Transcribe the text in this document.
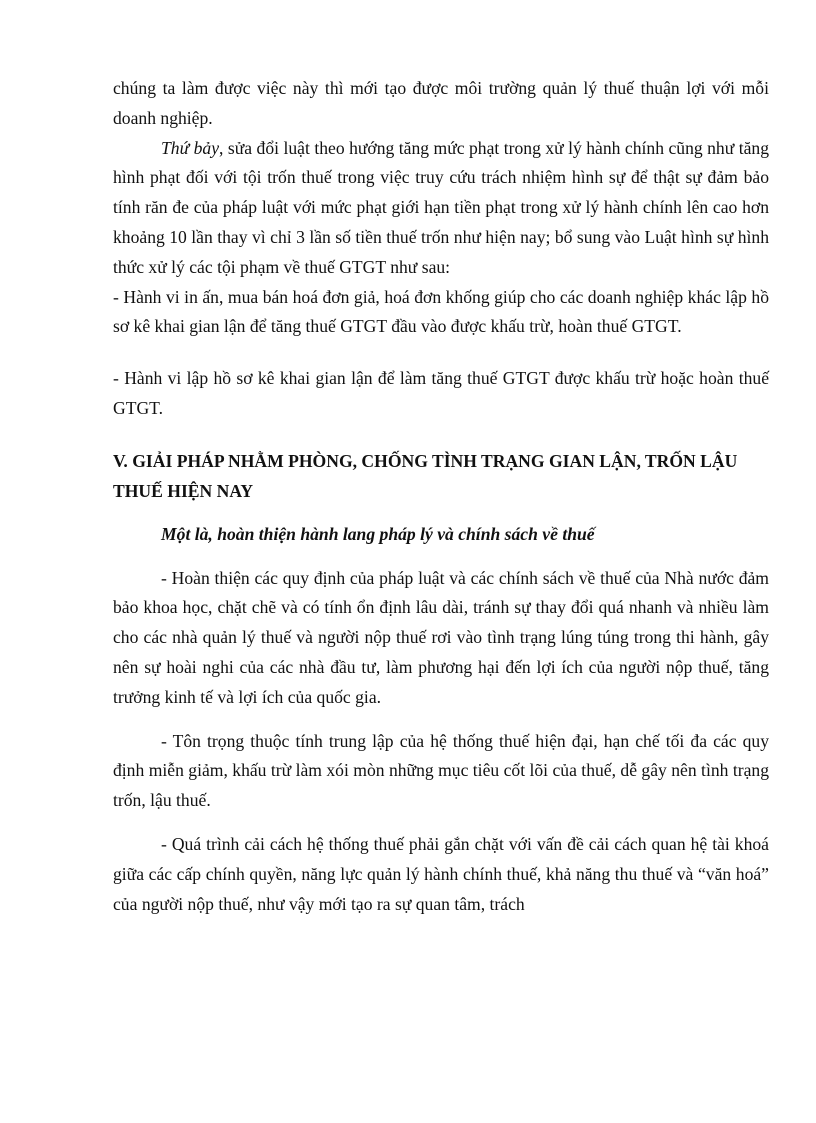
chúng ta làm được việc này thì mới tạo được môi trường quản lý thuế thuận lợi với mỗi doanh nghiệp.

Thứ bảy, sửa đổi luật theo hướng tăng mức phạt trong xử lý hành chính cũng như tăng hình phạt đối với tội trốn thuế trong việc truy cứu trách nhiệm hình sự để thật sự đảm bảo tính răn đe của pháp luật với mức phạt giới hạn tiền phạt trong xử lý hành chính lên cao hơn khoảng 10 lần thay vì chỉ 3 lần số tiền thuế trốn như hiện nay; bổ sung vào Luật hình sự hình thức xử lý các tội phạm về thuế GTGT như sau:

- Hành vi in ấn, mua bán hoá đơn giả, hoá đơn khống giúp cho các doanh nghiệp khác lập hồ sơ kê khai gian lận để tăng thuế GTGT đầu vào được khấu trừ, hoàn thuế GTGT.

- Hành vi lập hồ sơ kê khai gian lận để làm tăng thuế GTGT được khấu trừ hoặc hoàn thuế GTGT.

V. GIẢI PHÁP NHẰM PHÒNG, CHỐNG TÌNH TRẠNG GIAN LẬN, TRỐN LẬU THUẾ HIỆN NAY

Một là, hoàn thiện hành lang pháp lý và chính sách về thuế

- Hoàn thiện các quy định của pháp luật và các chính sách về thuế của Nhà nước đảm bảo khoa học, chặt chẽ và có tính ổn định lâu dài, tránh sự thay đổi quá nhanh và nhiều làm cho các nhà quản lý thuế và người nộp thuế rơi vào tình trạng lúng túng trong thi hành, gây nên sự hoài nghi của các nhà đầu tư, làm phương hại đến lợi ích của người nộp thuế, tăng trưởng kinh tế và lợi ích của quốc gia.

- Tôn trọng thuộc tính trung lập của hệ thống thuế hiện đại, hạn chế tối đa các quy định miễn giảm, khấu trừ làm xói mòn những mục tiêu cốt lõi của thuế, dễ gây nên tình trạng trốn, lậu thuế.

- Quá trình cải cách hệ thống thuế phải gắn chặt với vấn đề cải cách quan hệ tài khoá giữa các cấp chính quyền, năng lực quản lý hành chính thuế, khả năng thu thuế và “văn hoá” của người nộp thuế, như vậy mới tạo ra sự quan tâm, trách
